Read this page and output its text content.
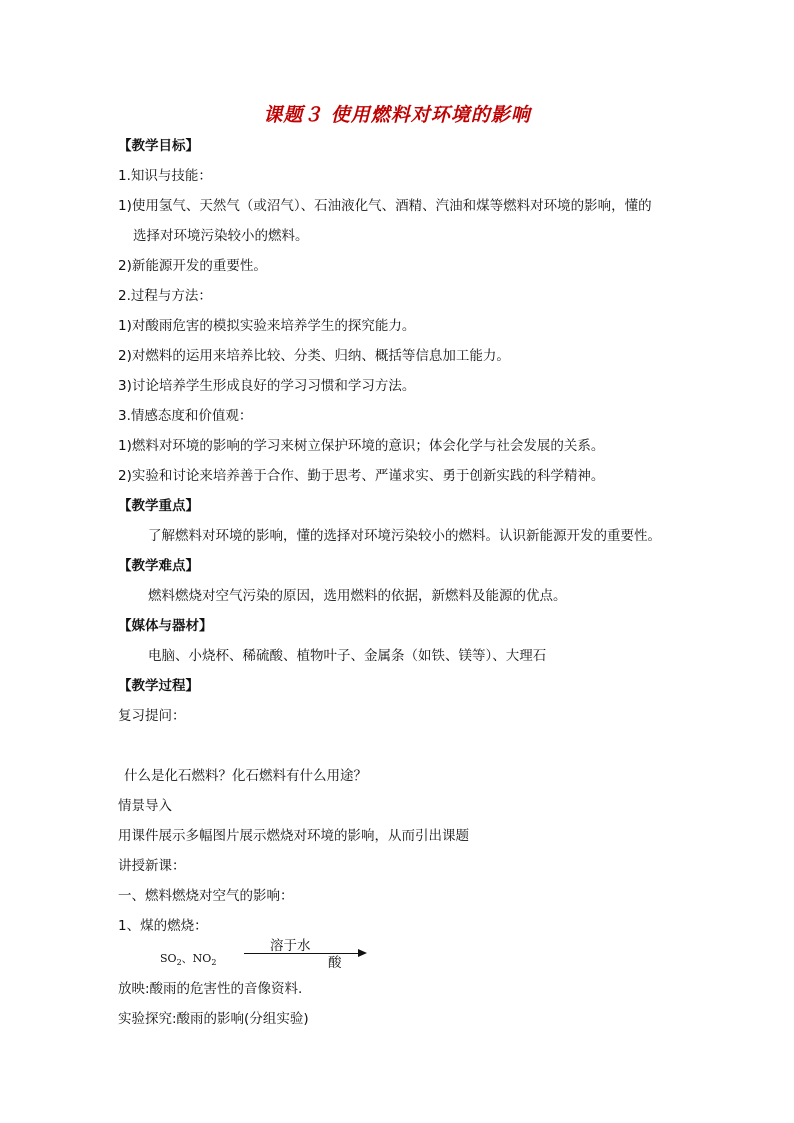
课题３ 使用燃料对环境的影响
【教学目标】
1.知识与技能：
1)使用氢气、天然气（或沼气）、石油液化气、酒精、汽油和煤等燃料对环境的影响，懂的
选择对环境污染较小的燃料。
2)新能源开发的重要性。
2.过程与方法：
1)对酸雨危害的模拟实验来培养学生的探究能力。
2)对燃料的运用来培养比较、分类、归纳、概括等信息加工能力。
3)讨论培养学生形成良好的学习习惯和学习方法。
3.情感态度和价值观：
1)燃料对环境的影响的学习来树立保护环境的意识；体会化学与社会发展的关系。
2)实验和讨论来培养善于合作、勤于思考、严谨求实、勇于创新实践的科学精神。
【教学重点】
了解燃料对环境的影响，懂的选择对环境污染较小的燃料。认识新能源开发的重要性。
【教学难点】
燃料燃烧对空气污染的原因，选用燃料的依据，新燃料及能源的优点。
【媒体与器材】
电脑、小烧杯、稀硫酸、植物叶子、金属条（如铁、镁等）、大理石
【教学过程】
复习提问：
什么是化石燃料？化石燃料有什么用途？
情景导入
用课件展示多幅图片展示燃烧对环境的影响，从而引出课题
讲授新课：
一、燃料燃烧对空气的影响：
1、煤的燃烧：
$SO_2$、$NO_2$
溶于水
酸
放映:酸雨的危害性的音像资料.
实验探究:酸雨的影响(分组实验)
